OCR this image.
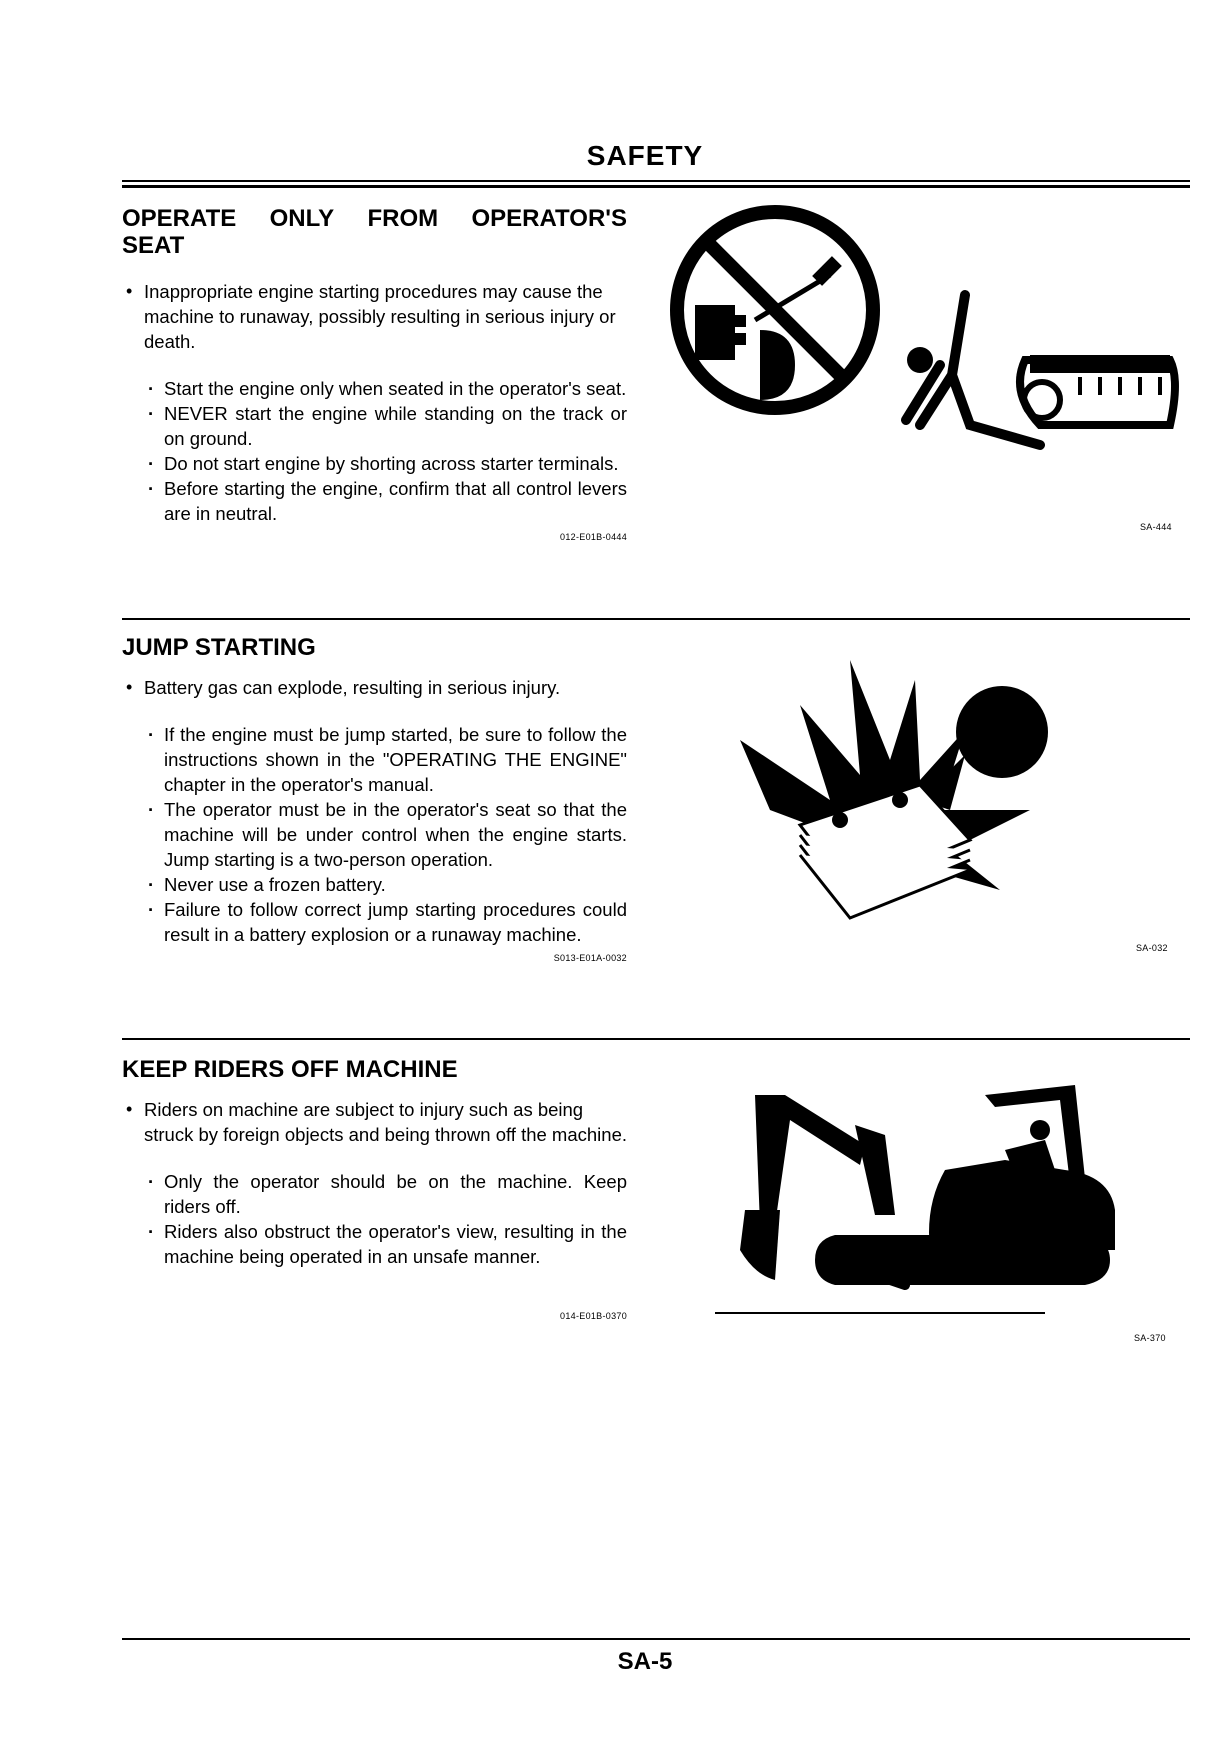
SAFETY
OPERATE ONLY FROM OPERATOR'S
SEAT
• Inappropriate engine starting procedures may cause the machine to runaway, possibly resulting in serious injury or death.
· Start the engine only when seated in the operator's seat.
· NEVER start the engine while standing on the track or on ground.
· Do not start engine by shorting across starter terminals.
· Before starting the engine, confirm that all control levers are in neutral.
012-E01B-0444
SA-444
JUMP STARTING
• Battery gas can explode, resulting in serious injury.
· If the engine must be jump started, be sure to follow the instructions shown in the "OPERATING THE ENGINE" chapter in the operator's manual.
· The operator must be in the operator's seat so that the machine will be under control when the engine starts. Jump starting is a two-person operation.
· Never use a frozen battery.
· Failure to follow correct jump starting procedures could result in a battery explosion or a runaway machine.
S013-E01A-0032
SA-032
KEEP RIDERS OFF MACHINE
• Riders on machine are subject to injury such as being struck by foreign objects and being thrown off the machine.
· Only the operator should be on the machine. Keep riders off.
· Riders also obstruct the operator's view, resulting in the machine being operated in an unsafe manner.
014-E01B-0370
SA-370
SA-5
